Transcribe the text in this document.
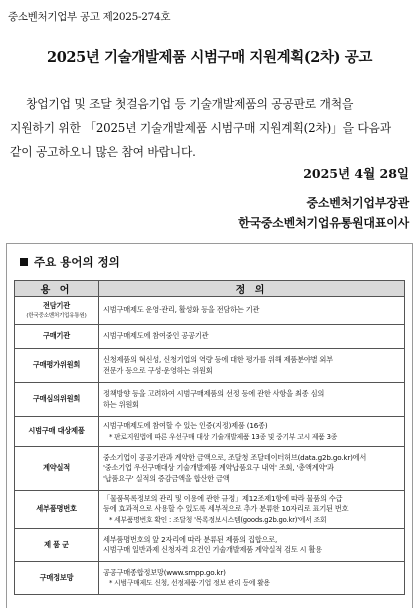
중소벤처기업부 공고 제2025-274호
2025년 기술개발제품 시범구매 지원계획(2차) 공고
창업기업 및 조달 첫걸음기업 등 기술개발제품의 공공판로 개척을
지원하기 위한 「2025년 기술개발제품 시범구매 지원계획(2차)」을 다음과
같이 공고하오니 많은 참여 바랍니다.
2025년 4월 28일
중소벤처기업부장관
한국중소벤처기업유통원대표이사
주요 용어의 정의
용 어	정 의
전담기관
(한국중소벤처기업유통원)	시범구매제도 운영·관리, 활성화 등을 전담하는 기관

구매기관	시범구매제도에 참여중인 공공기관

구매평가위원회	신청제품의 혁신성, 신청기업의 역량 등에 대한 평가를 위해 제품분야별 외부
전문가 등으로 구성·운영하는 위원회

구매심의위원회	정책방향 등을 고려하여 시범구매제품의 선정 등에 관한 사항을 최종 심의
하는 위원회

시범구매 대상제품	시범구매제도에 참여할 수 있는 인증(지정)제품 (16종)
* 판로지원법에 따른 우선구매 대상 기술개발제품 13종 및 중기부 고시 제품 3종

계약실적	중소기업이 공공기관과 계약한 금액으로, 조달청 조달데이터허브(data.g2b.go.kr)에서
'중소기업 우선구매대상 기술개발제품 계약납품요구 내역' 조회, '총액계약'과
'납품요구' 실적의 증감금액을 합산한 금액

세부품명번호	「물품목록정보의 관리 및 이용에 관한 규정」제12조제1항에 따라 물품의 수급
등에 효과적으로 사용할 수 있도록 세부적으로 추가 분류한 10자리로 표기된 번호
* 세부품명번호 확인 : 조달청 '목록정보시스템(goods.g2b.go.kr)'에서 조회

제 품 군	세부품명번호의 앞 2자리에 따라 분류된 제품의 집합으로,
시범구매 일반과제 신청자격 요건인 기술개발제품 계약실적 검토 시 활용

구매정보망	공공구매종합정보망(www.smpp.go.kr)
* 시범구매제도 신청, 선정제품·기업 정보 관리 등에 활용
